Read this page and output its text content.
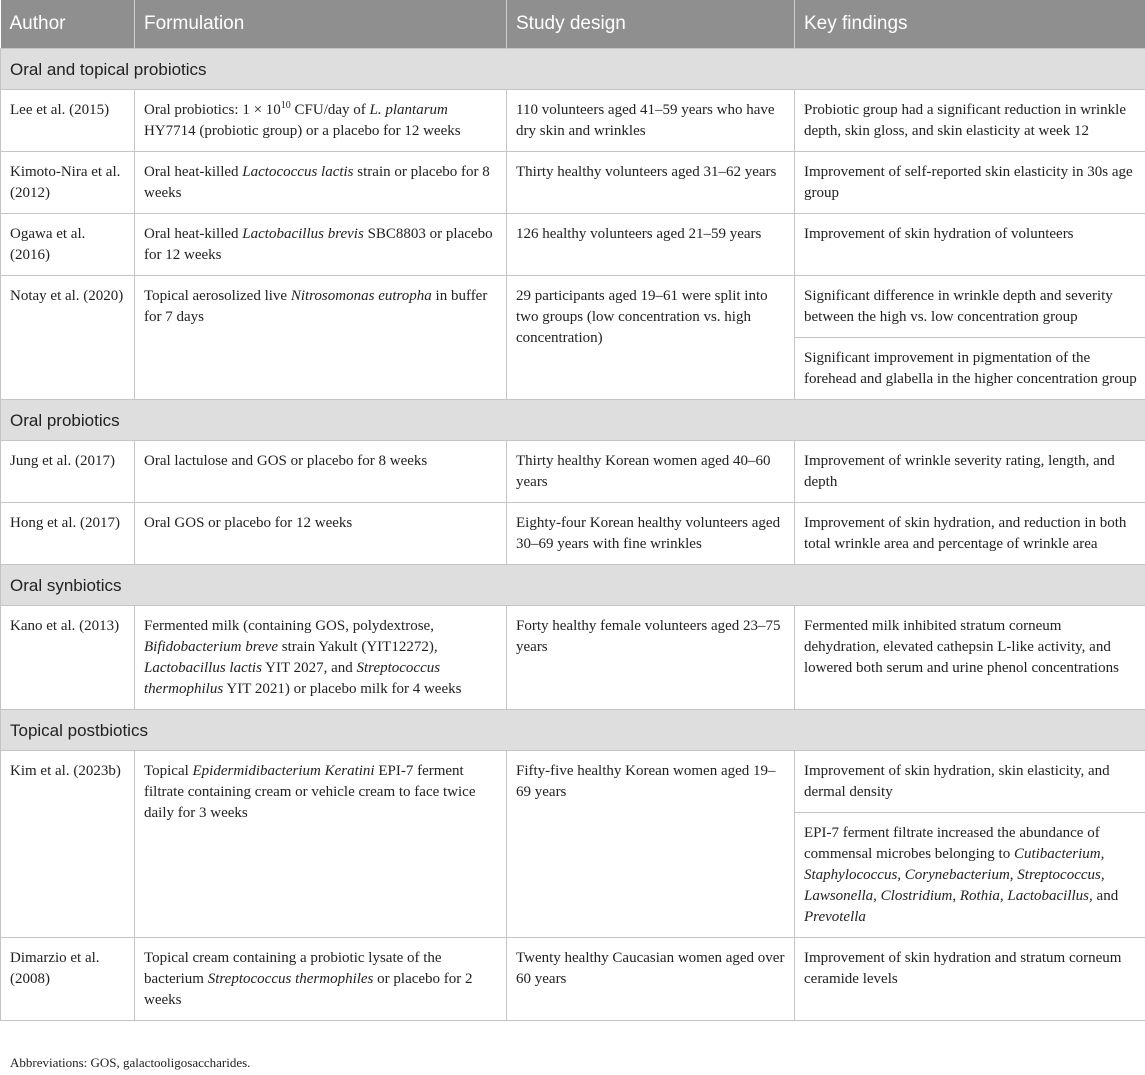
Author	Formulation	Study design	Key findings
Oral and topical probiotics			
Lee et al. (2015)	Oral probiotics: $1 \times 10^{10}$ CFU/day of L. plantarum HY7714 (probiotic group) or a placebo for 12 weeks	110 volunteers aged 41–59 years who have dry skin and wrinkles	Probiotic group had a significant reduction in wrinkle depth, skin gloss, and skin elasticity at week 12
Kimoto-Nira et al. (2012)	Oral heat-killed Lactococcus lactis strain or placebo for 8 weeks	Thirty healthy volunteers aged 31–62 years	Improvement of self-reported skin elasticity in 30s age group
Ogawa et al. (2016)	Oral heat-killed Lactobacillus brevis SBC8803 or placebo for 12 weeks	126 healthy volunteers aged 21–59 years	Improvement of skin hydration of volunteers
Notay et al. (2020)	Topical aerosolized live Nitrosomonas eutropha in buffer for 7 days	29 participants aged 19–61 were split into two groups (low concentration vs. high concentration)	Significant difference in wrinkle depth and severity between the high vs. low concentration group
			Significant improvement in pigmentation of the forehead and glabella in the higher concentration group
Oral probiotics			
Jung et al. (2017)	Oral lactulose and GOS or placebo for 8 weeks	Thirty healthy Korean women aged 40–60 years	Improvement of wrinkle severity rating, length, and depth
Hong et al. (2017)	Oral GOS or placebo for 12 weeks	Eighty-four Korean healthy volunteers aged 30–69 years with fine wrinkles	Improvement of skin hydration, and reduction in both total wrinkle area and percentage of wrinkle area
Oral synbiotics			
Kano et al. (2013)	Fermented milk (containing GOS, polydextrose, Bifidobacterium breve strain Yakult (YIT12272), Lactobacillus lactis YIT 2027, and Streptococcus thermophilus YIT 2021) or placebo milk for 4 weeks	Forty healthy female volunteers aged 23–75 years	Fermented milk inhibited stratum corneum dehydration, elevated cathepsin L-like activity, and lowered both serum and urine phenol concentrations
Topical postbiotics			
Kim et al. (2023b)	Topical Epidermidibacterium Keratini EPI-7 ferment filtrate containing cream or vehicle cream to face twice daily for 3 weeks	Fifty-five healthy Korean women aged 19–69 years	Improvement of skin hydration, skin elasticity, and dermal density
			EPI-7 ferment filtrate increased the abundance of commensal microbes belonging to Cutibacterium, Staphylococcus, Corynebacterium, Streptococcus, Lawsonella, Clostridium, Rothia, Lactobacillus, and Prevotella
Dimarzio et al. (2008)	Topical cream containing a probiotic lysate of the bacterium Streptococcus thermophiles or placebo for 2 weeks	Twenty healthy Caucasian women aged over 60 years	Improvement of skin hydration and stratum corneum ceramide levels
Abbreviations: GOS, galactooligosaccharides.
